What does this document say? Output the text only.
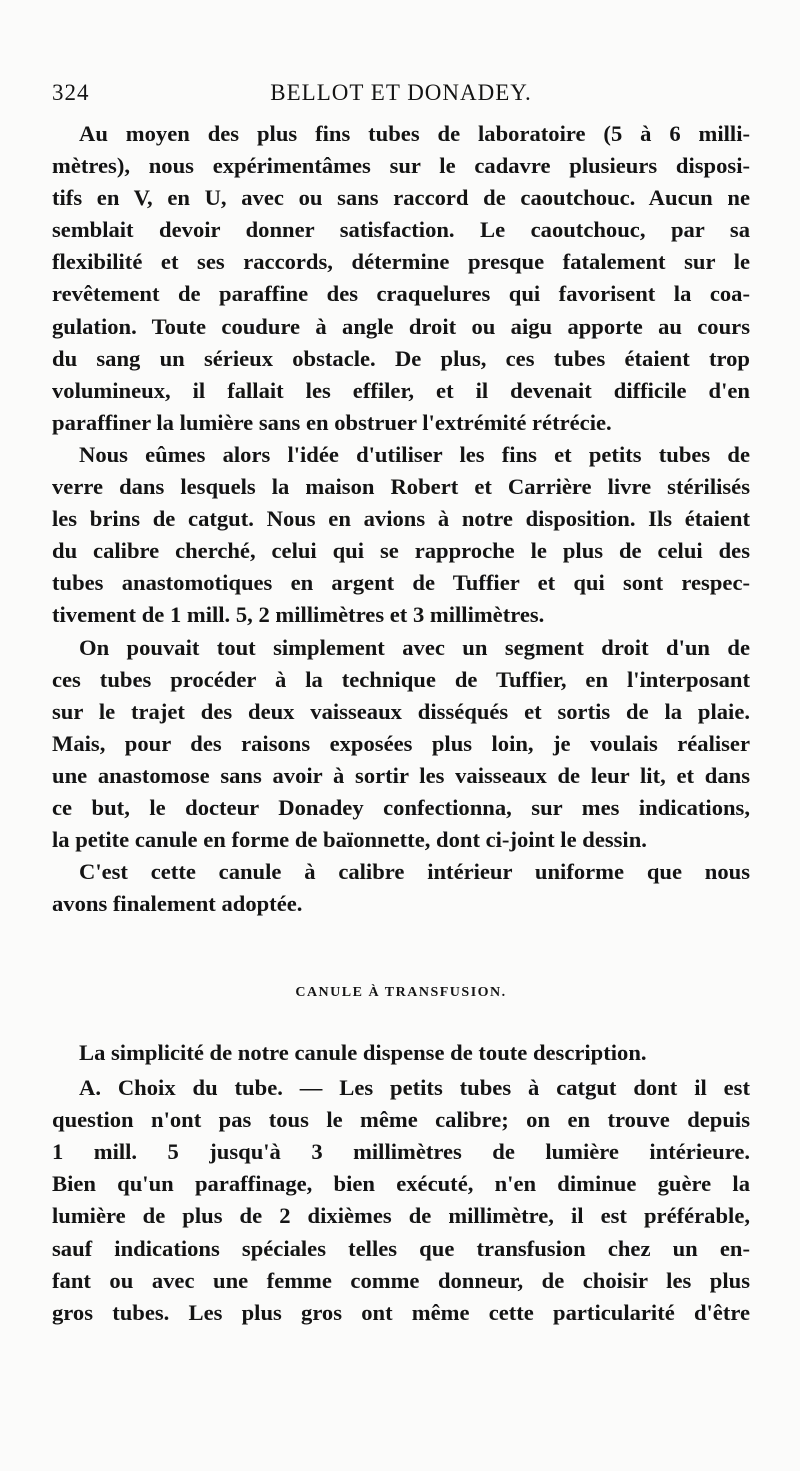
324	BELLOT ET DONADEY.

Au moyen des plus fins tubes de laboratoire (5 à 6 milli-
mètres), nous expérimentâmes sur le cadavre plusieurs disposi-
tifs en V, en U, avec ou sans raccord de caoutchouc. Aucun ne
semblait devoir donner satisfaction. Le caoutchouc, par sa
flexibilité et ses raccords, détermine presque fatalement sur le
revêtement de paraffine des craquelures qui favorisent la coa-
gulation. Toute coudure à angle droit ou aigu apporte au cours
du sang un sérieux obstacle. De plus, ces tubes étaient trop
volumineux, il fallait les effiler, et il devenait difficile d'en
paraffiner la lumière sans en obstruer l'extrémité rétrécie.

Nous eûmes alors l'idée d'utiliser les fins et petits tubes de
verre dans lesquels la maison Robert et Carrière livre stérilisés
les brins de catgut. Nous en avions à notre disposition. Ils étaient
du calibre cherché, celui qui se rapproche le plus de celui des
tubes anastomotiques en argent de Tuffier et qui sont respec-
tivement de 1 mill. 5, 2 millimètres et 3 millimètres.

On pouvait tout simplement avec un segment droit d'un de
ces tubes procéder à la technique de Tuffier, en l'interposant
sur le trajet des deux vaisseaux disséqués et sortis de la plaie.
Mais, pour des raisons exposées plus loin, je voulais réaliser
une anastomose sans avoir à sortir les vaisseaux de leur lit, et dans
ce but, le docteur Donadey confectionna, sur mes indications,
la petite canule en forme de baïonnette, dont ci-joint le dessin.

C'est cette canule à calibre intérieur uniforme que nous
avons finalement adoptée.

CANULE À TRANSFUSION.

La simplicité de notre canule dispense de toute description.

A. Choix du tube. — Les petits tubes à catgut dont il est
question n'ont pas tous le même calibre; on en trouve depuis
1 mill. 5 jusqu'à 3 millimètres de lumière intérieure.
Bien qu'un paraffinage, bien exécuté, n'en diminue guère la
lumière de plus de 2 dixièmes de millimètre, il est préférable,
sauf indications spéciales telles que transfusion chez un en-
fant ou avec une femme comme donneur, de choisir les plus
gros tubes. Les plus gros ont même cette particularité d'être
